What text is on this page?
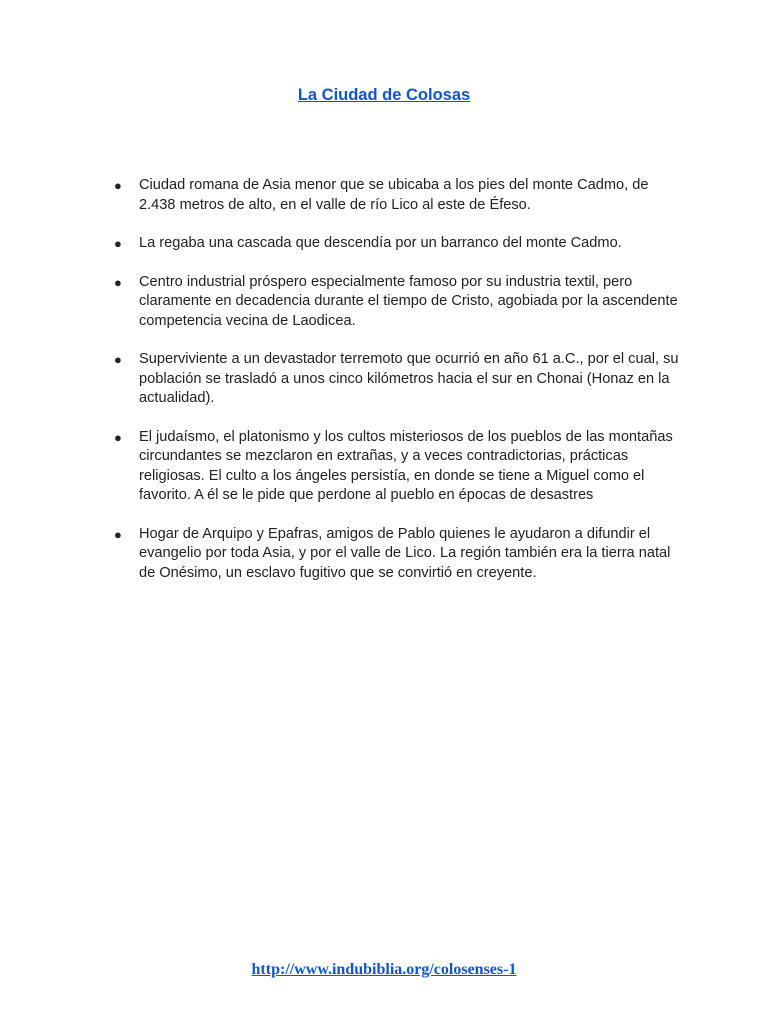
La Ciudad de Colosas
● Ciudad romana de Asia menor que se ubicaba a los pies del monte Cadmo, de 2.438 metros de alto, en el valle de río Lico al este de Éfeso.
● La regaba una cascada que descendía por un barranco del monte Cadmo.
● Centro industrial próspero especialmente famoso por su industria textil, pero claramente en decadencia durante el tiempo de Cristo, agobiada por la ascendente competencia vecina de Laodicea.
● Superviviente a un devastador terremoto que ocurrió en año 61 a.C., por el cual, su población se trasladó a unos cinco kilómetros hacia el sur en Chonai (Honaz en la actualidad).
● El judaísmo, el platonismo y los cultos misteriosos de los pueblos de las montañas circundantes se mezclaron en extrañas, y a veces contradictorias, prácticas religiosas. El culto a los ángeles persistía, en donde se tiene a Miguel como el favorito. A él se le pide que perdone al pueblo en épocas de desastres
● Hogar de Arquipo y Epafras, amigos de Pablo quienes le ayudaron a difundir el evangelio por toda Asia, y por el valle de Lico. La región también era la tierra natal de Onésimo, un esclavo fugitivo que se convirtió en creyente.
http://www.indubiblia.org/colosenses-1
